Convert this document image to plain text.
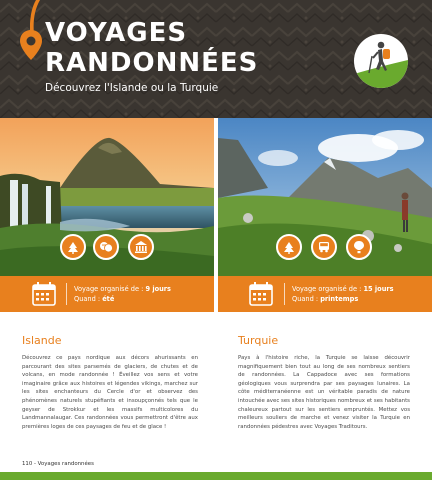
VOYAGES
RANDONNÉES
Découvrez l'Islande ou la Turquie
Voyage organisé de : 9 jours
Quand : été
Voyage organisé de : 15 jours
Quand : printemps
Islande

Découvrez ce pays nordique aux décors ahurissants en parcourant des sites parsemés de glaciers, de chutes et de volcans, en mode randonnée ! Éveillez vos sens et votre imaginaire grâce aux histoires et légendes vikings, marchez sur les sites enchanteurs du Cercle d'or et observez des phénomènes naturels stupéfiants et insoupçonnés tels que le geyser de Strokkur et les massifs multicolores du Landmannalaugar. Ces randonnées vous permettront d'être aux premières loges de ces paysages de feu et de glace !

Turquie

Pays à l'histoire riche, la Turquie se laisse découvrir magnifiquement bien tout au long de ses nombreux sentiers de randonnées. La Cappadoce avec ses formations géologiques vous surprendra par ses paysages lunaires. La côte méditerranéenne est un véritable paradis de nature intouchée avec ses sites historiques nombreux et ses habitants chaleureux partout sur les sentiers empruntés. Mettez vos meilleurs souliers de marche et venez visiter la Turquie en randonnées pédestres avec Voyages Traditours.

110 - Voyages randonnées
